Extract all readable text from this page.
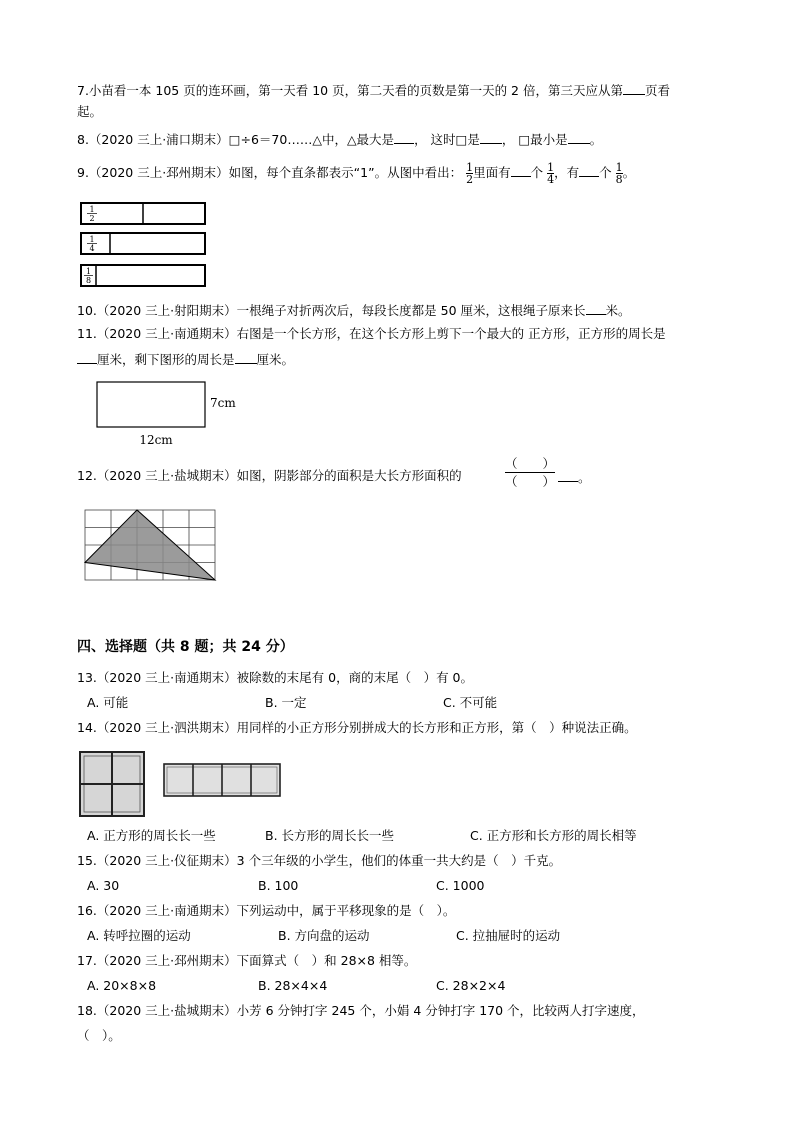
7.小苗看一本 105 页的连环画，第一天看 10 页，第二天看的页数是第一天的 2 倍，第三天应从第 页看
起。
8.（2020 三上·浦口期末）□÷6＝70……△中，△最大是 ， 这时□是 ， □最小是 。
9.（2020 三上·邳州期末）如图，每个直条都表示“1”。从图中看出： $\frac{1}{2}$ 里面有 个 $\frac{1}{4}$ ，有 个 $\frac{1}{8}$ 。
1
2
1
4
1
8
10.（2020 三上·射阳期末）一根绳子对折两次后，每段长度都是 50 厘米，这根绳子原来长 米。
11.（2020 三上·南通期末）右图是一个长方形，在这个长方形上剪下一个最大的 正方形，正方形的周长是
厘米，剩下图形的周长是 厘米。
7cm
12cm
12.（2020 三上·盐城期末）如图，阴影部分的面积是大长方形面积的
（　　）
（　　）	。
四、选择题（共 8 题；共 24 分）
13.（2020 三上·南通期末）被除数的末尾有 0，商的末尾（　）有 0。
A. 可能	B. 一定	C. 不可能
14.（2020 三上·泗洪期末）用同样的小正方形分别拼成大的长方形和正方形，第（　）种说法正确。
A. 正方形的周长长一些	B. 长方形的周长长一些	C. 正方形和长方形的周长相等
15.（2020 三上·仪征期末）3 个三年级的小学生，他们的体重一共大约是（　）千克。
A. 30	B. 100	C. 1000
16.（2020 三上·南通期末）下列运动中，属于平移现象的是（　）。
A. 转呼拉圈的运动	B. 方向盘的运动	C. 拉抽屉时的运动
17.（2020 三上·邳州期末）下面算式（　）和 28×8 相等。
A. 20×8×8	B. 28×4×4	C. 28×2×4
18.（2020 三上·盐城期末）小芳 6 分钟打字 245 个，小娟 4 分钟打字 170 个，比较两人打字速度，
（　）。
